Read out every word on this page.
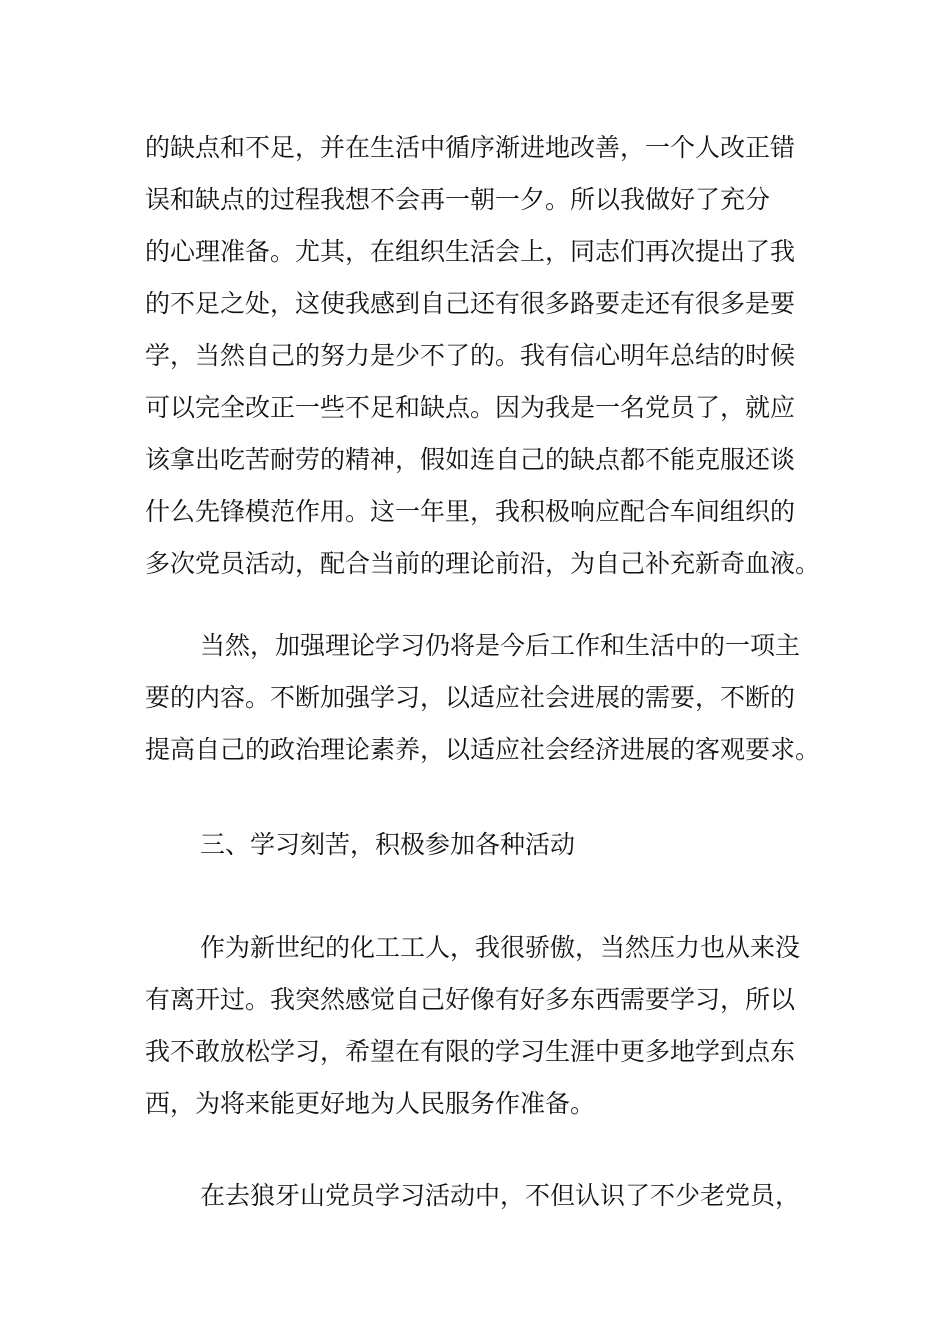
的缺点和不足，并在生活中循序渐进地改善，一个人改正错
误和缺点的过程我想不会再一朝一夕。所以我做好了充分
的心理准备。尤其，在组织生活会上，同志们再次提出了我
的不足之处，这使我感到自己还有很多路要走还有很多是要
学，当然自己的努力是少不了的。我有信心明年总结的时候
可以完全改正一些不足和缺点。因为我是一名党员了，就应
该拿出吃苦耐劳的精神，假如连自己的缺点都不能克服还谈
什么先锋模范作用。这一年里，我积极响应配合车间组织的
多次党员活动，配合当前的理论前沿，为自己补充新奇血液。
当然，加强理论学习仍将是今后工作和生活中的一项主
要的内容。不断加强学习，以适应社会进展的需要，不断的
提高自己的政治理论素养，以适应社会经济进展的客观要求。
三、学习刻苦，积极参加各种活动
作为新世纪的化工工人，我很骄傲，当然压力也从来没
有离开过。我突然感觉自己好像有好多东西需要学习，所以
我不敢放松学习，希望在有限的学习生涯中更多地学到点东
西，为将来能更好地为人民服务作准备。
在去狼牙山党员学习活动中，不但认识了不少老党员，
